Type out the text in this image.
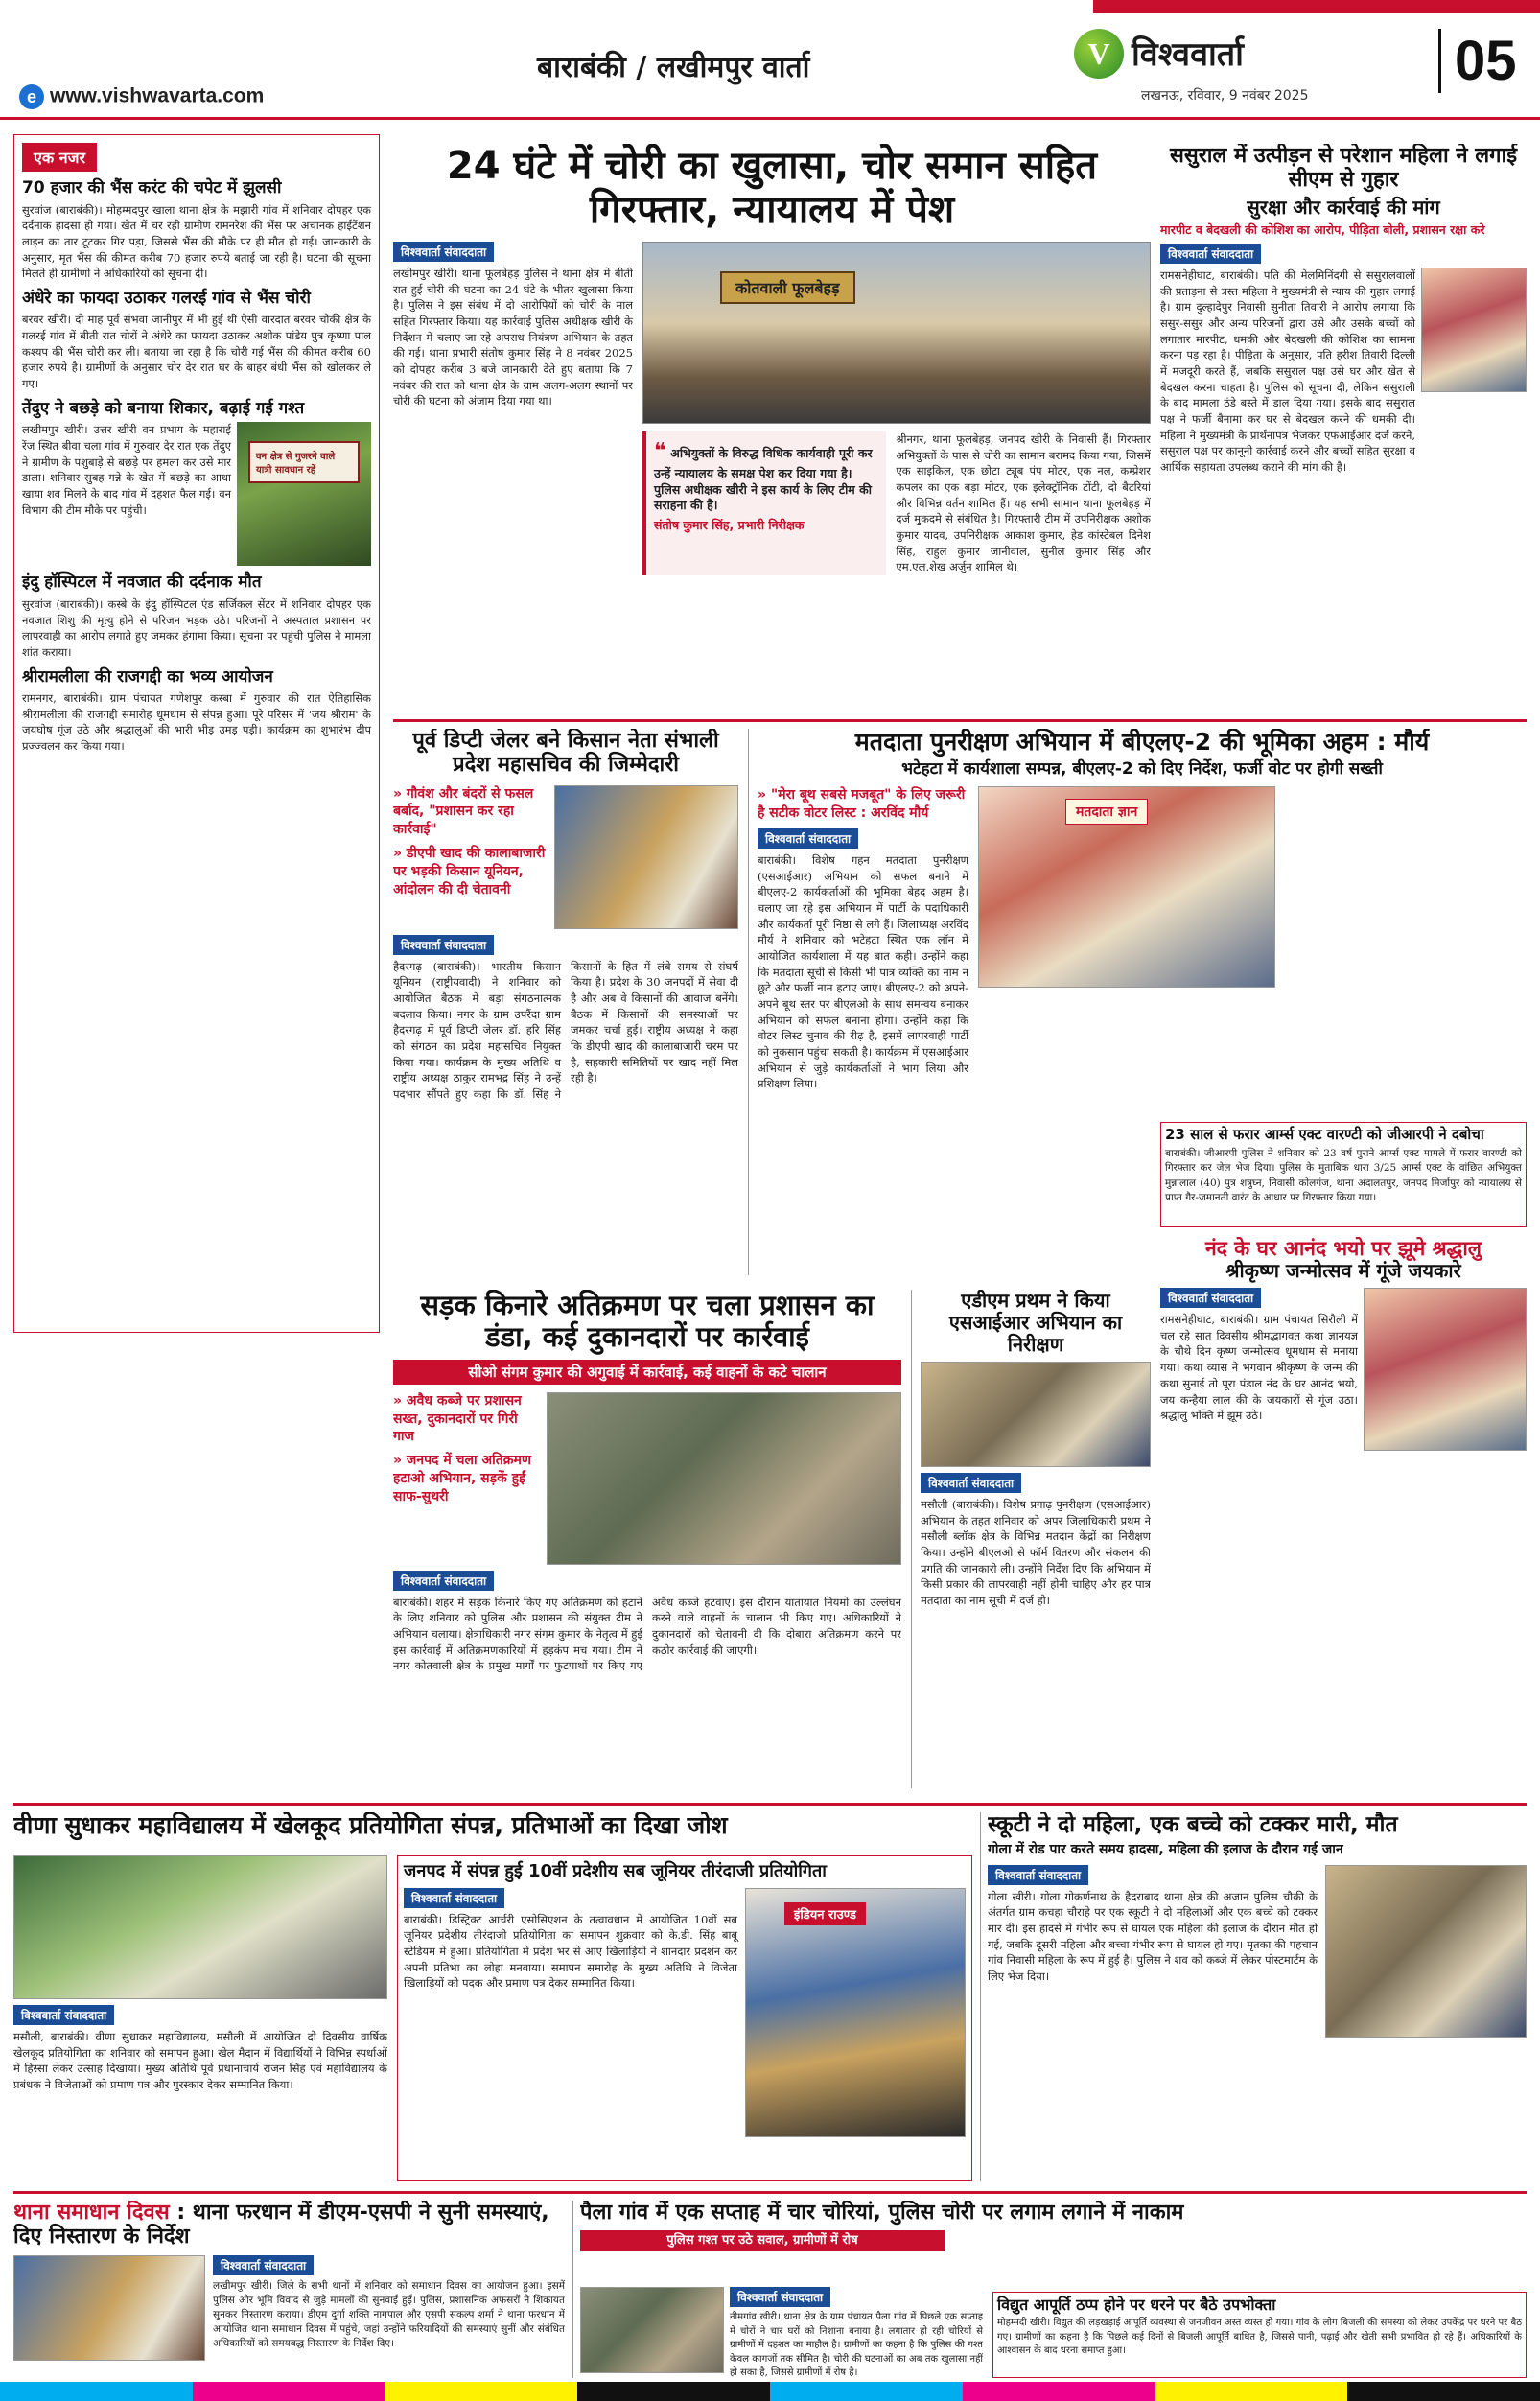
e www.vishwavarta.com
बाराबंकी / लखीमपुर वार्ता	V विश्ववार्ता
लखनऊ, रविवार, 9 नवंबर 2025
05
एक नजर
70 हजार की भैंस करंट की चपेट में झुलसी
सुरवांज (बाराबंकी)। मोहम्मदपुर खाला थाना क्षेत्र के मझारी गांव में शनिवार दोपहर एक दर्दनाक हादसा हो गया। खेत में चर रही ग्रामीण रामनरेश की भैंस पर अचानक हाईटेंशन लाइन का तार टूटकर गिर पड़ा, जिससे भैंस की मौके पर ही मौत हो गई। जानकारी के अनुसार, मृत भैंस की कीमत करीब 70 हजार रुपये बताई जा रही है। घटना की सूचना मिलते ही ग्रामीणों ने अधिकारियों को सूचना दी।
अंधेरे का फायदा उठाकर गलरई गांव से भैंस चोरी
बरवर खीरी। दो माह पूर्व संभवा जानीपुर में भी हुई थी ऐसी वारदात बरवर चौकी क्षेत्र के गलरई गांव में बीती रात चोरों ने अंधेरे का फायदा उठाकर अशोक पांडेय पुत्र कृष्णा पाल कश्यप की भैंस चोरी कर ली। बताया जा रहा है कि चोरी गई भैंस की कीमत करीब 60 हजार रुपये है। ग्रामीणों के अनुसार चोर देर रात घर के बाहर बंधी भैंस को खोलकर ले गए।
तेंदुए ने बछड़े को बनाया शिकार, बढ़ाई गई गश्त
लखीमपुर खीरी। उत्तर खीरी वन प्रभाग के महाराई रेंज स्थित बीवा चला गांव में गुरुवार देर रात एक तेंदुए ने ग्रामीण के पशुबाड़े से बछड़े पर हमला कर उसे मार डाला। शनिवार सुबह गन्ने के खेत में बछड़े का आधा खाया शव मिलने के बाद गांव में दहशत फैल गई। वन विभाग की टीम मौके पर पहुंची।
वन क्षेत्र से गुजरने वाले यात्री सावधान रहें
इंदु हॉस्पिटल में नवजात की दर्दनाक मौत
सुरवांज (बाराबंकी)। कस्बे के इंदु हॉस्पिटल एंड सर्जिकल सेंटर में शनिवार दोपहर एक नवजात शिशु की मृत्यु होने से परिजन भड़क उठे। परिजनों ने अस्पताल प्रशासन पर लापरवाही का आरोप लगाते हुए जमकर हंगामा किया। सूचना पर पहुंची पुलिस ने मामला शांत कराया।
श्रीरामलीला की राजगद्दी का भव्य आयोजन
रामनगर, बाराबंकी। ग्राम पंचायत गणेशपुर कस्बा में गुरुवार की रात ऐतिहासिक श्रीरामलीला की राजगद्दी समारोह धूमधाम से संपन्न हुआ। पूरे परिसर में 'जय श्रीराम' के जयघोष गूंज उठे और श्रद्धालुओं की भारी भीड़ उमड़ पड़ी। कार्यक्रम का शुभारंभ दीप प्रज्ज्वलन कर किया गया।
24 घंटे में चोरी का खुलासा, चोर समान सहित गिरफ्तार, न्यायालय में पेश
विश्ववार्ता संवाददाता
लखीमपुर खीरी। थाना फूलबेहड़ पुलिस ने थाना क्षेत्र में बीती रात हुई चोरी की घटना का 24 घंटे के भीतर खुलासा किया है। पुलिस ने इस संबंध में दो आरोपियों को चोरी के माल सहित गिरफ्तार किया। यह कार्रवाई पुलिस अधीक्षक खीरी के निर्देशन में चलाए जा रहे अपराध नियंत्रण अभियान के तहत की गई। थाना प्रभारी संतोष कुमार सिंह ने 8 नवंबर 2025 को दोपहर करीब 3 बजे जानकारी देते हुए बताया कि 7 नवंबर की रात को थाना क्षेत्र के ग्राम अलग-अलग स्थानों पर चोरी की घटना को अंजाम दिया गया था।
कोतवाली फूलबेहड़
❝ अभियुक्तों के विरुद्ध विधिक कार्यवाही पूरी कर उन्हें न्यायालय के समक्ष पेश कर दिया गया है। पुलिस अधीक्षक खीरी ने इस कार्य के लिए टीम की सराहना की है।
संतोष कुमार सिंह, प्रभारी निरीक्षक
श्रीनगर, थाना फूलबेहड़, जनपद खीरी के निवासी हैं। गिरफ्तार अभियुक्तों के पास से चोरी का सामान बरामद किया गया, जिसमें एक साइकिल, एक छोटा ट्यूब पंप मोटर, एक नल, कम्प्रेशर कपलर का एक बड़ा मोटर, एक इलेक्ट्रॉनिक टोंटी, दो बैटरियां और विभिन्न वर्तन शामिल हैं। यह सभी सामान थाना फूलबेहड़ में दर्ज मुकदमे से संबंधित है। गिरफ्तारी टीम में उपनिरीक्षक अशोक कुमार यादव, उपनिरीक्षक आकाश कुमार, हेड कांस्टेबल दिनेश सिंह, राहुल कुमार जानीवाल, सुनील कुमार सिंह और एम.एल.शेख अर्जुन शामिल थे।
ससुराल में उत्पीड़न से परेशान महिला ने लगाई सीएम से गुहार
सुरक्षा और कार्रवाई की मांग
मारपीट व बेदखली की कोशिश का आरोप, पीड़िता बोली, प्रशासन रक्षा करे
विश्ववार्ता संवाददाता
रामसनेहीघाट, बाराबंकी। पति की मेलमिनिंदगी से ससुरालवालों की प्रताड़ना से त्रस्त महिला ने मुख्यमंत्री से न्याय की गुहार लगाई है। ग्राम दुल्हादेपुर निवासी सुनीता तिवारी ने आरोप लगाया कि ससुर-ससुर और अन्य परिजनों द्वारा उसे और उसके बच्चों को लगातार मारपीट, धमकी और बेदखली की कोशिश का सामना करना पड़ रहा है। पीड़िता के अनुसार, पति हरीश तिवारी दिल्ली में मजदूरी करते हैं, जबकि ससुराल पक्ष उसे घर और खेत से बेदखल करना चाहता है। पुलिस को सूचना दी, लेकिन ससुराली के बाद मामला ठंडे बस्ते में डाल दिया गया। इसके बाद ससुराल पक्ष ने फर्जी बैनामा कर घर से बेदखल करने की धमकी दी। महिला ने मुख्यमंत्री के प्रार्थनापत्र भेजकर एफआईआर दर्ज करने, ससुराल पक्ष पर कानूनी कार्रवाई करने और बच्चों सहित सुरक्षा व आर्थिक सहायता उपलब्ध कराने की मांग की है।
पूर्व डिप्टी जेलर बने किसान नेता संभाली प्रदेश महासचिव की जिम्मेदारी
» गौवंश और बंदरों से फसल बर्बाद, "प्रशासन कर रहा कार्रवाई"
» डीएपी खाद की कालाबाजारी पर भड़की किसान यूनियन, आंदोलन की दी चेतावनी
विश्ववार्ता संवाददाता
हैदरगढ़ (बाराबंकी)। भारतीय किसान यूनियन (राष्ट्रीयवादी) ने शनिवार को आयोजित बैठक में बड़ा संगठनात्मक बदलाव किया। नगर के ग्राम उपरैंदा ग्राम हैदरगढ़ में पूर्व डिप्टी जेलर डॉ. हरि सिंह को संगठन का प्रदेश महासचिव नियुक्त किया गया। कार्यक्रम के मुख्य अतिथि व राष्ट्रीय अध्यक्ष ठाकुर रामभद्र सिंह ने उन्हें पदभार सौंपते हुए कहा कि डॉ. सिंह ने किसानों के हित में लंबे समय से संघर्ष किया है। प्रदेश के 30 जनपदों में सेवा दी है और अब वे किसानों की आवाज बनेंगे। बैठक में किसानों की समस्याओं पर जमकर चर्चा हुई। राष्ट्रीय अध्यक्ष ने कहा कि डीएपी खाद की कालाबाजारी चरम पर है, सहकारी समितियों पर खाद नहीं मिल रही है।
मतदाता पुनरीक्षण अभियान में बीएलए-2 की भूमिका अहम : मौर्य
भटेहटा में कार्यशाला सम्पन्न, बीएलए-2 को दिए निर्देश, फर्जी वोट पर होगी सख्ती
» "मेरा बूथ सबसे मजबूत" के लिए जरूरी है सटीक वोटर लिस्ट : अरविंद मौर्य
विश्ववार्ता संवाददाता
बाराबंकी। विशेष गहन मतदाता पुनरीक्षण (एसआईआर) अभियान को सफल बनाने में बीएलए-2 कार्यकर्ताओं की भूमिका बेहद अहम है। चलाए जा रहे इस अभियान में पार्टी के पदाधिकारी और कार्यकर्ता पूरी निष्ठा से लगे हैं। जिलाध्यक्ष अरविंद मौर्य ने शनिवार को भटेहटा स्थित एक लॉन में आयोजित कार्यशाला में यह बात कही। उन्होंने कहा कि मतदाता सूची से किसी भी पात्र व्यक्ति का नाम न छूटे और फर्जी नाम हटाए जाएं। बीएलए-2 को अपने-अपने बूथ स्तर पर बीएलओ के साथ समन्वय बनाकर अभियान को सफल बनाना होगा। उन्होंने कहा कि वोटर लिस्ट चुनाव की रीढ़ है, इसमें लापरवाही पार्टी को नुकसान पहुंचा सकती है। कार्यक्रम में एसआईआर अभियान से जुड़े कार्यकर्ताओं ने भाग लिया और प्रशिक्षण लिया।
मतदाता ज्ञान
23 साल से फरार आर्म्स एक्ट वारण्टी को जीआरपी ने दबोचा
बाराबंकी। जीआरपी पुलिस ने शनिवार को 23 वर्ष पुराने आर्म्स एक्ट मामले में फरार वारण्टी को गिरफ्तार कर जेल भेज दिया। पुलिस के मुताबिक धारा 3/25 आर्म्स एक्ट के वांछित अभियुक्त मुन्नालाल (40) पुत्र शत्रुघ्न, निवासी कोलगंज, थाना अदालतपुर, जनपद मिर्जापुर को न्यायालय से प्राप्त गैर-जमानती वारंट के आधार पर गिरफ्तार किया गया।
सड़क किनारे अतिक्रमण पर चला प्रशासन का डंडा, कई दुकानदारों पर कार्रवाई
सीओ संगम कुमार की अगुवाई में कार्रवाई, कई वाहनों के कटे चालान
» अवैध कब्जे पर प्रशासन सख्त, दुकानदारों पर गिरी गाज
» जनपद में चला अतिक्रमण हटाओ अभियान, सड़कें हुईं साफ-सुथरी
विश्ववार्ता संवाददाता
बाराबंकी। शहर में सड़क किनारे किए गए अतिक्रमण को हटाने के लिए शनिवार को पुलिस और प्रशासन की संयुक्त टीम ने अभियान चलाया। क्षेत्राधिकारी नगर संगम कुमार के नेतृत्व में हुई इस कार्रवाई में अतिक्रमणकारियों में हड़कंप मच गया। टीम ने नगर कोतवाली क्षेत्र के प्रमुख मार्गों पर फुटपाथों पर किए गए अवैध कब्जे हटवाए। इस दौरान यातायात नियमों का उल्लंघन करने वाले वाहनों के चालान भी किए गए। अधिकारियों ने दुकानदारों को चेतावनी दी कि दोबारा अतिक्रमण करने पर कठोर कार्रवाई की जाएगी।
एडीएम प्रथम ने किया एसआईआर अभियान का निरीक्षण
विश्ववार्ता संवाददाता
मसौली (बाराबंकी)। विशेष प्रगाढ़ पुनरीक्षण (एसआईआर) अभियान के तहत शनिवार को अपर जिलाधिकारी प्रथम ने मसौली ब्लॉक क्षेत्र के विभिन्न मतदान केंद्रों का निरीक्षण किया। उन्होंने बीएलओ से फॉर्म वितरण और संकलन की प्रगति की जानकारी ली। उन्होंने निर्देश दिए कि अभियान में किसी प्रकार की लापरवाही नहीं होनी चाहिए और हर पात्र मतदाता का नाम सूची में दर्ज हो।
नंद के घर आनंद भयो पर झूमे श्रद्धालु
श्रीकृष्ण जन्मोत्सव में गूंजे जयकारे
विश्ववार्ता संवाददाता
रामसनेहीघाट, बाराबंकी। ग्राम पंचायत सिरौली में चल रहे सात दिवसीय श्रीमद्भागवत कथा ज्ञानयज्ञ के चौथे दिन कृष्ण जन्मोत्सव धूमधाम से मनाया गया। कथा व्यास ने भगवान श्रीकृष्ण के जन्म की कथा सुनाई तो पूरा पंडाल नंद के घर आनंद भयो, जय कन्हैया लाल की के जयकारों से गूंज उठा। श्रद्धालु भक्ति में झूम उठे।
वीणा सुधाकर महाविद्यालय में खेलकूद प्रतियोगिता संपन्न, प्रतिभाओं का दिखा जोश
विश्ववार्ता संवाददाता
मसौली, बाराबंकी। वीणा सुधाकर महाविद्यालय, मसौली में आयोजित दो दिवसीय वार्षिक खेलकूद प्रतियोगिता का शनिवार को समापन हुआ। खेल मैदान में विद्यार्थियों ने विभिन्न स्पर्धाओं में हिस्सा लेकर उत्साह दिखाया। मुख्य अतिथि पूर्व प्रधानाचार्य राजन सिंह एवं महाविद्यालय के प्रबंधक ने विजेताओं को प्रमाण पत्र और पुरस्कार देकर सम्मानित किया।
जनपद में संपन्न हुई 10वीं प्रदेशीय सब जूनियर तीरंदाजी प्रतियोगिता
विश्ववार्ता संवाददाता
बाराबंकी। डिस्ट्रिक्ट आर्चरी एसोसिएशन के तत्वावधान में आयोजित 10वीं सब जूनियर प्रदेशीय तीरंदाजी प्रतियोगिता का समापन शुक्रवार को के.डी. सिंह बाबू स्टेडियम में हुआ। प्रतियोगिता में प्रदेश भर से आए खिलाड़ियों ने शानदार प्रदर्शन कर अपनी प्रतिभा का लोहा मनवाया। समापन समारोह के मुख्य अतिथि ने विजेता खिलाड़ियों को पदक और प्रमाण पत्र देकर सम्मानित किया।
इंडियन राउण्ड
स्कूटी ने दो महिला, एक बच्चे को टक्कर मारी, मौत
गोला में रोड पार करते समय हादसा, महिला की इलाज के दौरान गई जान
विश्ववार्ता संवाददाता
गोला खीरी। गोला गोकर्णनाथ के हैदराबाद थाना क्षेत्र की अजान पुलिस चौकी के अंतर्गत ग्राम कचहा चौराहे पर एक स्कूटी ने दो महिलाओं और एक बच्चे को टक्कर मार दी। इस हादसे में गंभीर रूप से घायल एक महिला की इलाज के दौरान मौत हो गई, जबकि दूसरी महिला और बच्चा गंभीर रूप से घायल हो गए। मृतका की पहचान गांव निवासी महिला के रूप में हुई है। पुलिस ने शव को कब्जे में लेकर पोस्टमार्टम के लिए भेज दिया।
थाना समाधान दिवस : थाना फरधान में डीएम-एसपी ने सुनी समस्याएं, दिए निस्तारण के निर्देश
विश्ववार्ता संवाददाता
लखीमपुर खीरी। जिले के सभी थानों में शनिवार को समाधान दिवस का आयोजन हुआ। इसमें पुलिस और भूमि विवाद से जुड़े मामलों की सुनवाई हुई। पुलिस, प्रशासनिक अफसरों ने शिकायत सुनकर निस्तारण कराया। डीएम दुर्गा शक्ति नागपाल और एसपी संकल्प शर्मा ने थाना फरधान में आयोजित थाना समाधान दिवस में पहुंचे, जहां उन्होंने फरियादियों की समस्याएं सुनीं और संबंधित अधिकारियों को समयबद्ध निस्तारण के निर्देश दिए।
पैला गांव में एक सप्ताह में चार चोरियां, पुलिस चोरी पर लगाम लगाने में नाकाम
पुलिस गश्त पर उठे सवाल, ग्रामीणों में रोष
विश्ववार्ता संवाददाता
नीमगांव खीरी। थाना क्षेत्र के ग्राम पंचायत पैला गांव में पिछले एक सप्ताह में चोरों ने चार घरों को निशाना बनाया है। लगातार हो रही चोरियों से ग्रामीणों में दहशत का माहौल है। ग्रामीणों का कहना है कि पुलिस की गश्त केवल कागजों तक सीमित है। चोरी की घटनाओं का अब तक खुलासा नहीं हो सका है, जिससे ग्रामीणों में रोष है।
विद्युत आपूर्ति ठप्प होने पर धरने पर बैठे उपभोक्ता
मोहम्मदी खीरी। विद्युत की लड़खड़ाई आपूर्ति व्यवस्था से जनजीवन अस्त व्यस्त हो गया। गांव के लोग बिजली की समस्या को लेकर उपकेंद्र पर धरने पर बैठ गए। ग्रामीणों का कहना है कि पिछले कई दिनों से बिजली आपूर्ति बाधित है, जिससे पानी, पढ़ाई और खेती सभी प्रभावित हो रहे हैं। अधिकारियों के आश्वासन के बाद धरना समाप्त हुआ।
